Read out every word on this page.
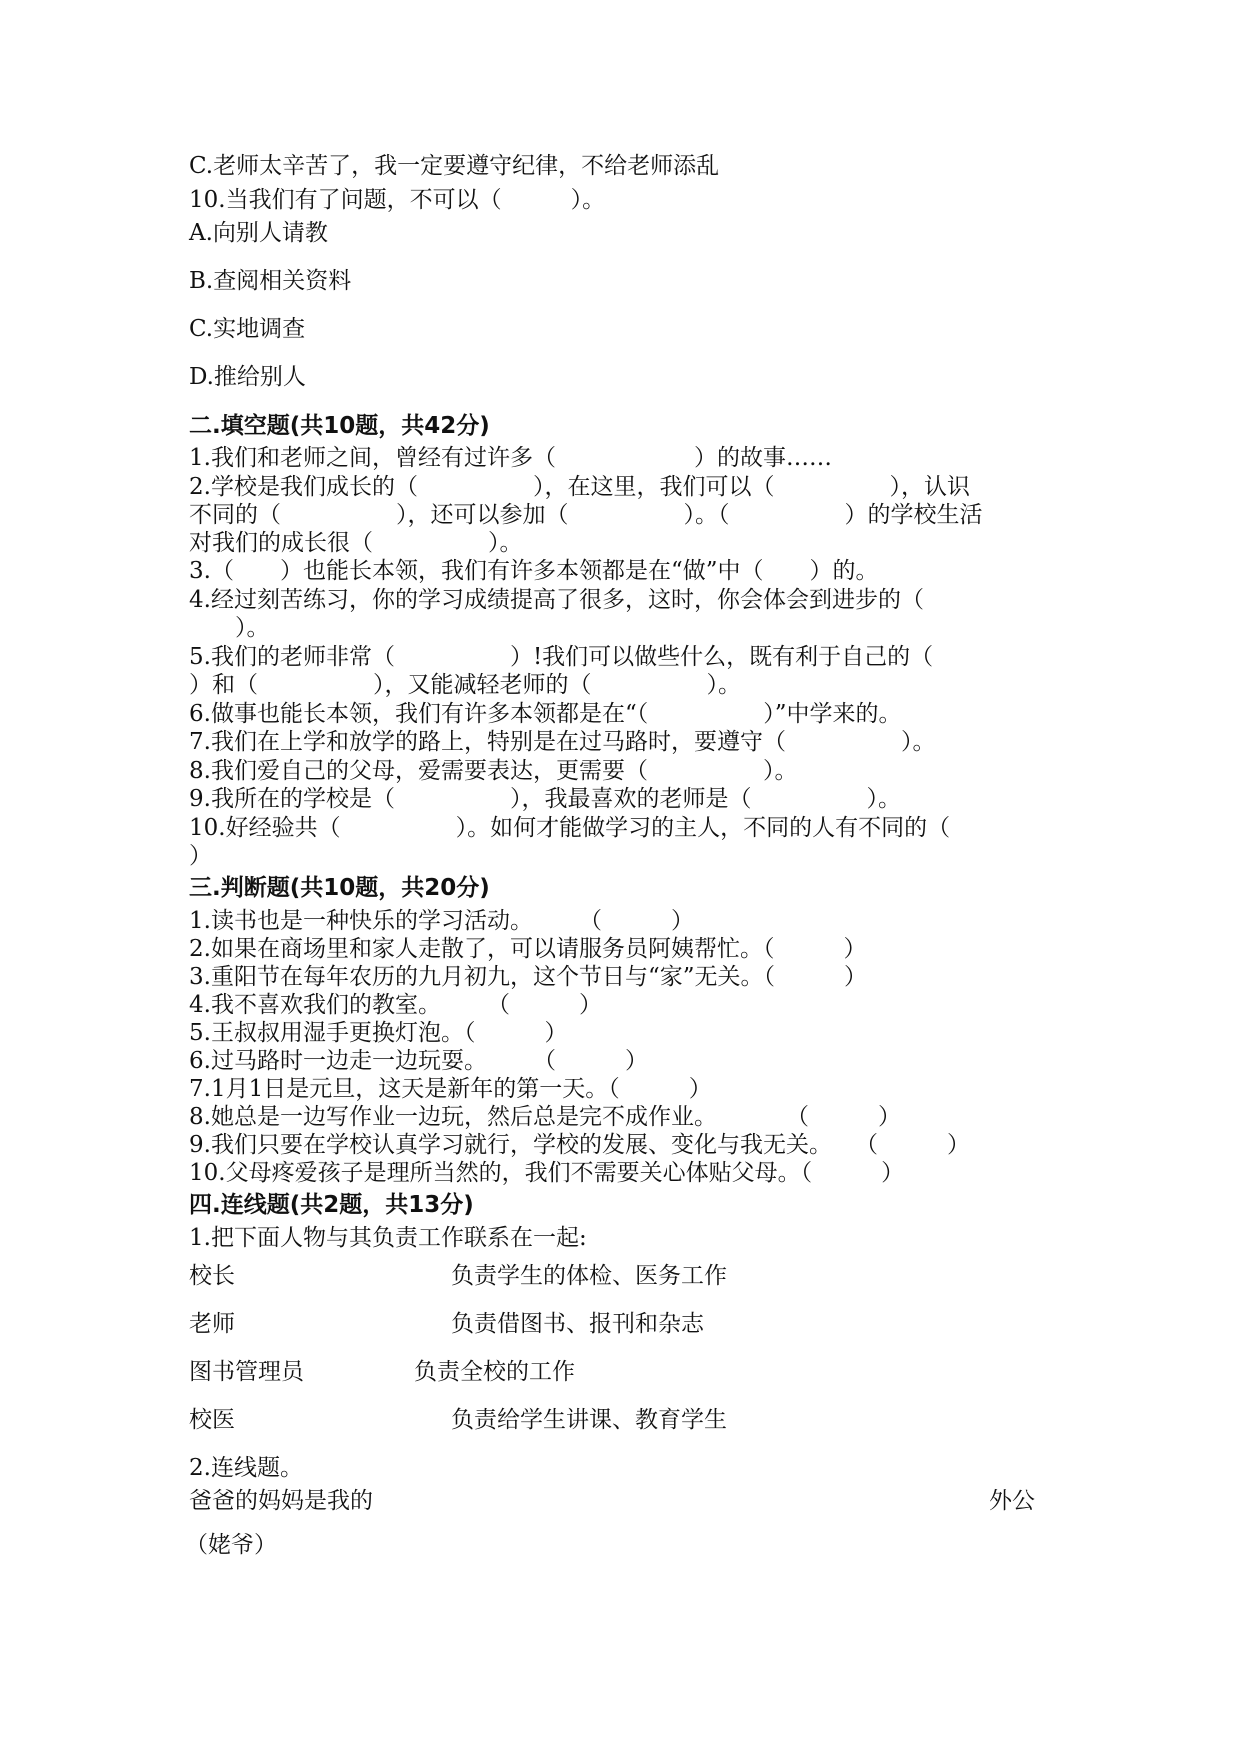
C.老师太辛苦了，我一定要遵守纪律，不给老师添乱
10.当我们有了问题，不可以（　　　）。
A.向别人请教
B.查阅相关资料
C.实地调查
D.推给别人
二.填空题(共10题，共42分)
1.我们和老师之间，曾经有过许多（　　　　　　）的故事……
2.学校是我们成长的（　　　　　），在这里，我们可以（　　　　　），认识
不同的（　　　　　），还可以参加（　　　　　）。（　　　　　）的学校生活
对我们的成长很（　　　　　）。
3.（　　）也能长本领，我们有许多本领都是在“做”中（　　）的。
4.经过刻苦练习，你的学习成绩提高了很多，这时，你会体会到进步的（
　　）。
5.我们的老师非常（　　　　　）!我们可以做些什么，既有利于自己的（
）和（　　　　　），又能减轻老师的（　　　　　）。
6.做事也能长本领，我们有许多本领都是在“（　　　　　）”中学来的。
7.我们在上学和放学的路上，特别是在过马路时，要遵守（　　　　　）。
8.我们爱自己的父母，爱需要表达，更需要（　　　　　）。
9.我所在的学校是（　　　　　），我最喜欢的老师是（　　　　　）。
10.好经验共（　　　　　）。如何才能做学习的主人，不同的人有不同的（
）
三.判断题(共10题，共20分)
1.读书也是一种快乐的学习活动。　　　（　　　）
2.如果在商场里和家人走散了，可以请服务员阿姨帮忙。（　　　）
3.重阳节在每年农历的九月初九，这个节日与“家”无关。（　　　）
4.我不喜欢我们的教室。　　　（　　　）
5.王叔叔用湿手更换灯泡。（　　　）
6.过马路时一边走一边玩耍。　　　（　　　）
7.1月1日是元旦，这天是新年的第一天。（　　　）
8.她总是一边写作业一边玩，然后总是完不成作业。　　　　（　　　）
9.我们只要在学校认真学习就行，学校的发展、变化与我无关。　　（　　　）
10.父母疼爱孩子是理所当然的，我们不需要关心体贴父母。（　　　）
四.连线题(共2题，共13分)
1.把下面人物与其负责工作联系在一起:
校长	负责学生的体检、医务工作
老师	负责借图书、报刊和杂志
图书管理员	负责全校的工作
校医	负责给学生讲课、教育学生
2.连线题。
爸爸的妈妈是我的	外公
（姥爷）
